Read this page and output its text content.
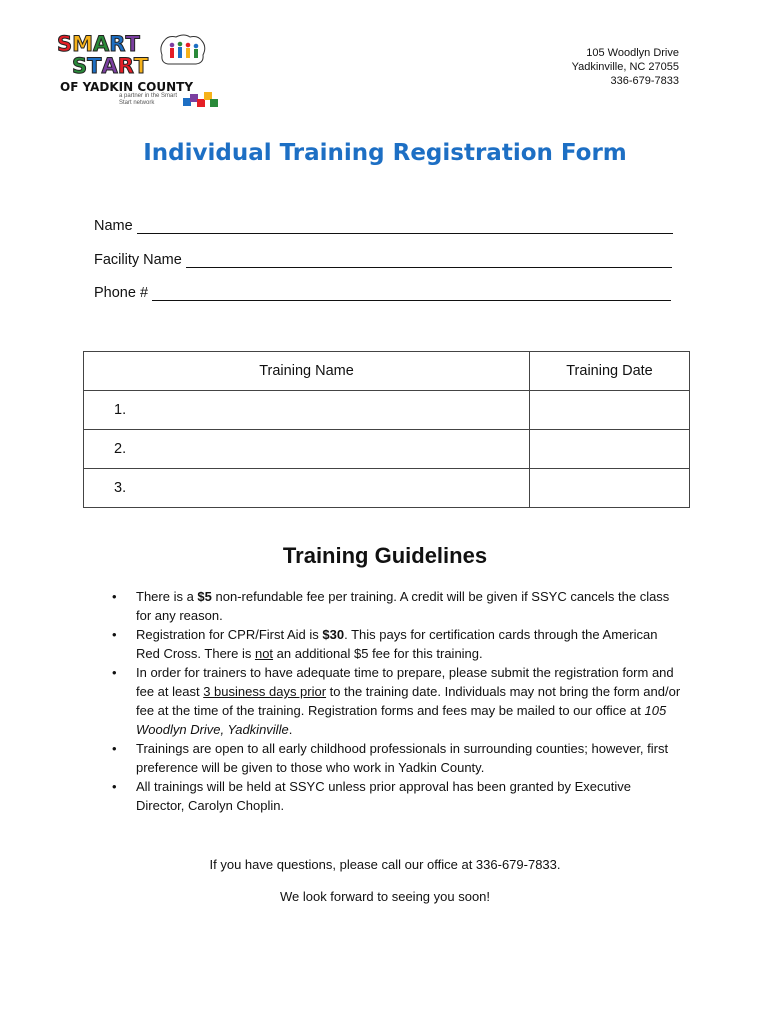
SMART
START
OF YADKIN COUNTY
a partner in the Smart Start network
105 Woodlyn Drive
Yadkinville, NC 27055
336-679-7833
Individual Training Registration Form
Name
Facility Name
Phone #
Training Name	Training Date
1.	
2.	
3.	
Training Guidelines
• There is a $5 non-refundable fee per training. A credit will be given if SSYC cancels the class for any reason.
• Registration for CPR/First Aid is $30. This pays for certification cards through the American Red Cross. There is not an additional $5 fee for this training.
• In order for trainers to have adequate time to prepare, please submit the registration form and fee at least 3 business days prior to the training date. Individuals may not bring the form and/or fee at the time of the training. Registration forms and fees may be mailed to our office at 105 Woodlyn Drive, Yadkinville.
• Trainings are open to all early childhood professionals in surrounding counties; however, first preference will be given to those who work in Yadkin County.
• All trainings will be held at SSYC unless prior approval has been granted by Executive Director, Carolyn Choplin.
If you have questions, please call our office at 336-679-7833.
We look forward to seeing you soon!
